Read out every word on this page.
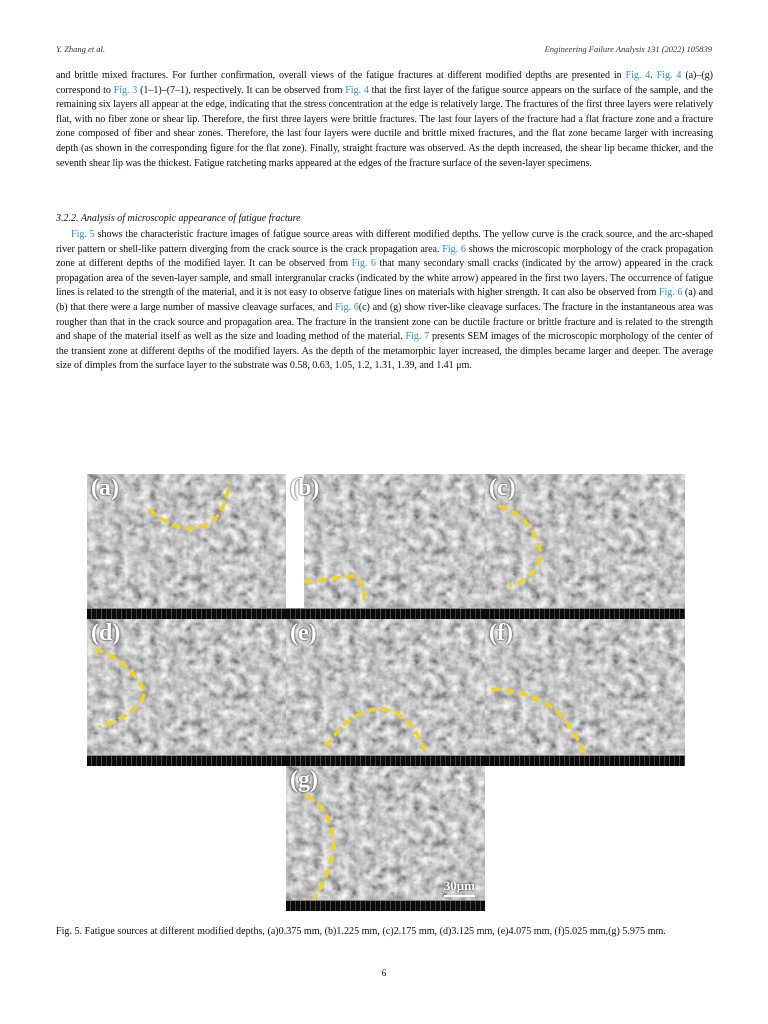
Y. Zhang et al.	Engineering Failure Analysis 131 (2022) 105839
and brittle mixed fractures. For further confirmation, overall views of the fatigue fractures at different modified depths are presented in Fig. 4. Fig. 4 (a)–(g) correspond to Fig. 3 (1–1)–(7–1), respectively. It can be observed from Fig. 4 that the first layer of the fatigue source appears on the surface of the sample, and the remaining six layers all appear at the edge, indicating that the stress concentration at the edge is relatively large. The fractures of the first three layers were relatively flat, with no fiber zone or shear lip. Therefore, the first three layers were brittle fractures. The last four layers of the fracture had a flat fracture zone and a fracture zone composed of fiber and shear zones. Therefore, the last four layers were ductile and brittle mixed fractures, and the flat zone became larger with increasing depth (as shown in the corresponding figure for the flat zone). Finally, straight fracture was observed. As the depth increased, the shear lip became thicker, and the seventh shear lip was the thickest. Fatigue ratcheting marks appeared at the edges of the fracture surface of the seven-layer specimens.
3.2.2. Analysis of microscopic appearance of fatigue fracture
Fig. 5 shows the characteristic fracture images of fatigue source areas with different modified depths. The yellow curve is the crack source, and the arc-shaped river pattern or shell-like pattern diverging from the crack source is the crack propagation area. Fig. 6 shows the microscopic morphology of the crack propagation zone at different depths of the modified layer. It can be observed from Fig. 6 that many secondary small cracks (indicated by the arrow) appeared in the crack propagation area of the seven-layer sample, and small intergranular cracks (indicated by the white arrow) appeared in the first two layers. The occurrence of fatigue lines is related to the strength of the material, and it is not easy to observe fatigue lines on materials with higher strength. It can also be observed from Fig. 6 (a) and (b) that there were a large number of massive cleavage surfaces, and Fig. 6(c) and (g) show river-like cleavage surfaces. The fracture in the instantaneous area was rougher than that in the crack source and propagation area. The fracture in the transient zone can be ductile fracture or brittle fracture and is related to the strength and shape of the material itself as well as the size and loading method of the material. Fig. 7 presents SEM images of the microscopic morphology of the center of the transient zone at different depths of the modified layers. As the depth of the metamorphic layer increased, the dimples became larger and deeper. The average size of dimples from the surface layer to the substrate was 0.58, 0.63, 1.05, 1.2, 1.31, 1.39, and 1.41 μm.
(a)	(b)	(c)
(d)	(e)	(f)
(g)
30μm
Fig. 5. Fatigue sources at different modified depths, (a)0.375 mm, (b)1.225 mm, (c)2.175 mm, (d)3.125 mm, (e)4.075 mm, (f)5.025 mm,(g) 5.975 mm.
6
